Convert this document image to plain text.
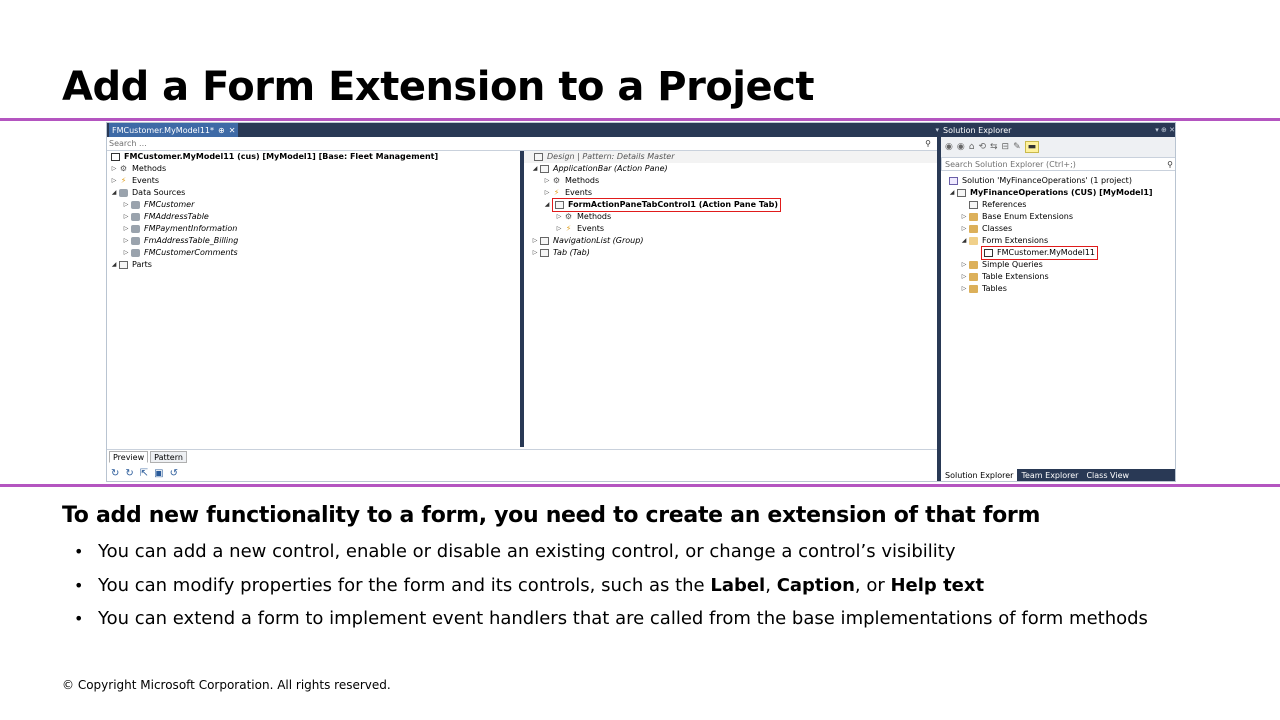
Add a Form Extension to a Project
FMCustomer.MyModel11* ⊕ ✕	▾
Search ...	⚲
FMCustomer.MyModel11 (cus) [MyModel1] [Base: Fleet Management]
▷ ⚙ Methods
▷ ⚡ Events
◢	Data Sources
▷	FMCustomer
▷	FMAddressTable
▷	FMPaymentInformation
▷	FmAddressTable_Billing
▷	FMCustomerComments
◢	Parts
Design | Pattern: Details Master
◢	ApplicationBar (Action Pane)
▷ ⚙ Methods
▷ ⚡ Events
◢	FormActionPaneTabControl1 (Action Pane Tab)
▷ ⚙ Methods
▷ ⚡ Events
▷	NavigationList (Group)
▷	Tab (Tab)
Preview	Pattern
↻ ↻ ⇱ ▣ ↺
Solution Explorer	▾ ⊕ ✕
◉ ◉ ⌂ ⟲ ⇆ ⊟ ✎ ▬
Search Solution Explorer (Ctrl+;)	⚲
Solution 'MyFinanceOperations' (1 project)
◢	MyFinanceOperations (CUS) [MyModel1]
References
▷	Base Enum Extensions
▷	Classes
◢	Form Extensions
FMCustomer.MyModel11
▷	Simple Queries
▷	Table Extensions
▷	Tables
Solution Explorer	Team Explorer	Class View
To add new functionality to a form, you need to create an extension of that form
• You can add a new control, enable or disable an existing control, or change a control’s visibility
• You can modify properties for the form and its controls, such as the Label, Caption, or Help text
• You can extend a form to implement event handlers that are called from the base implementations of form methods
© Copyright Microsoft Corporation. All rights reserved.
